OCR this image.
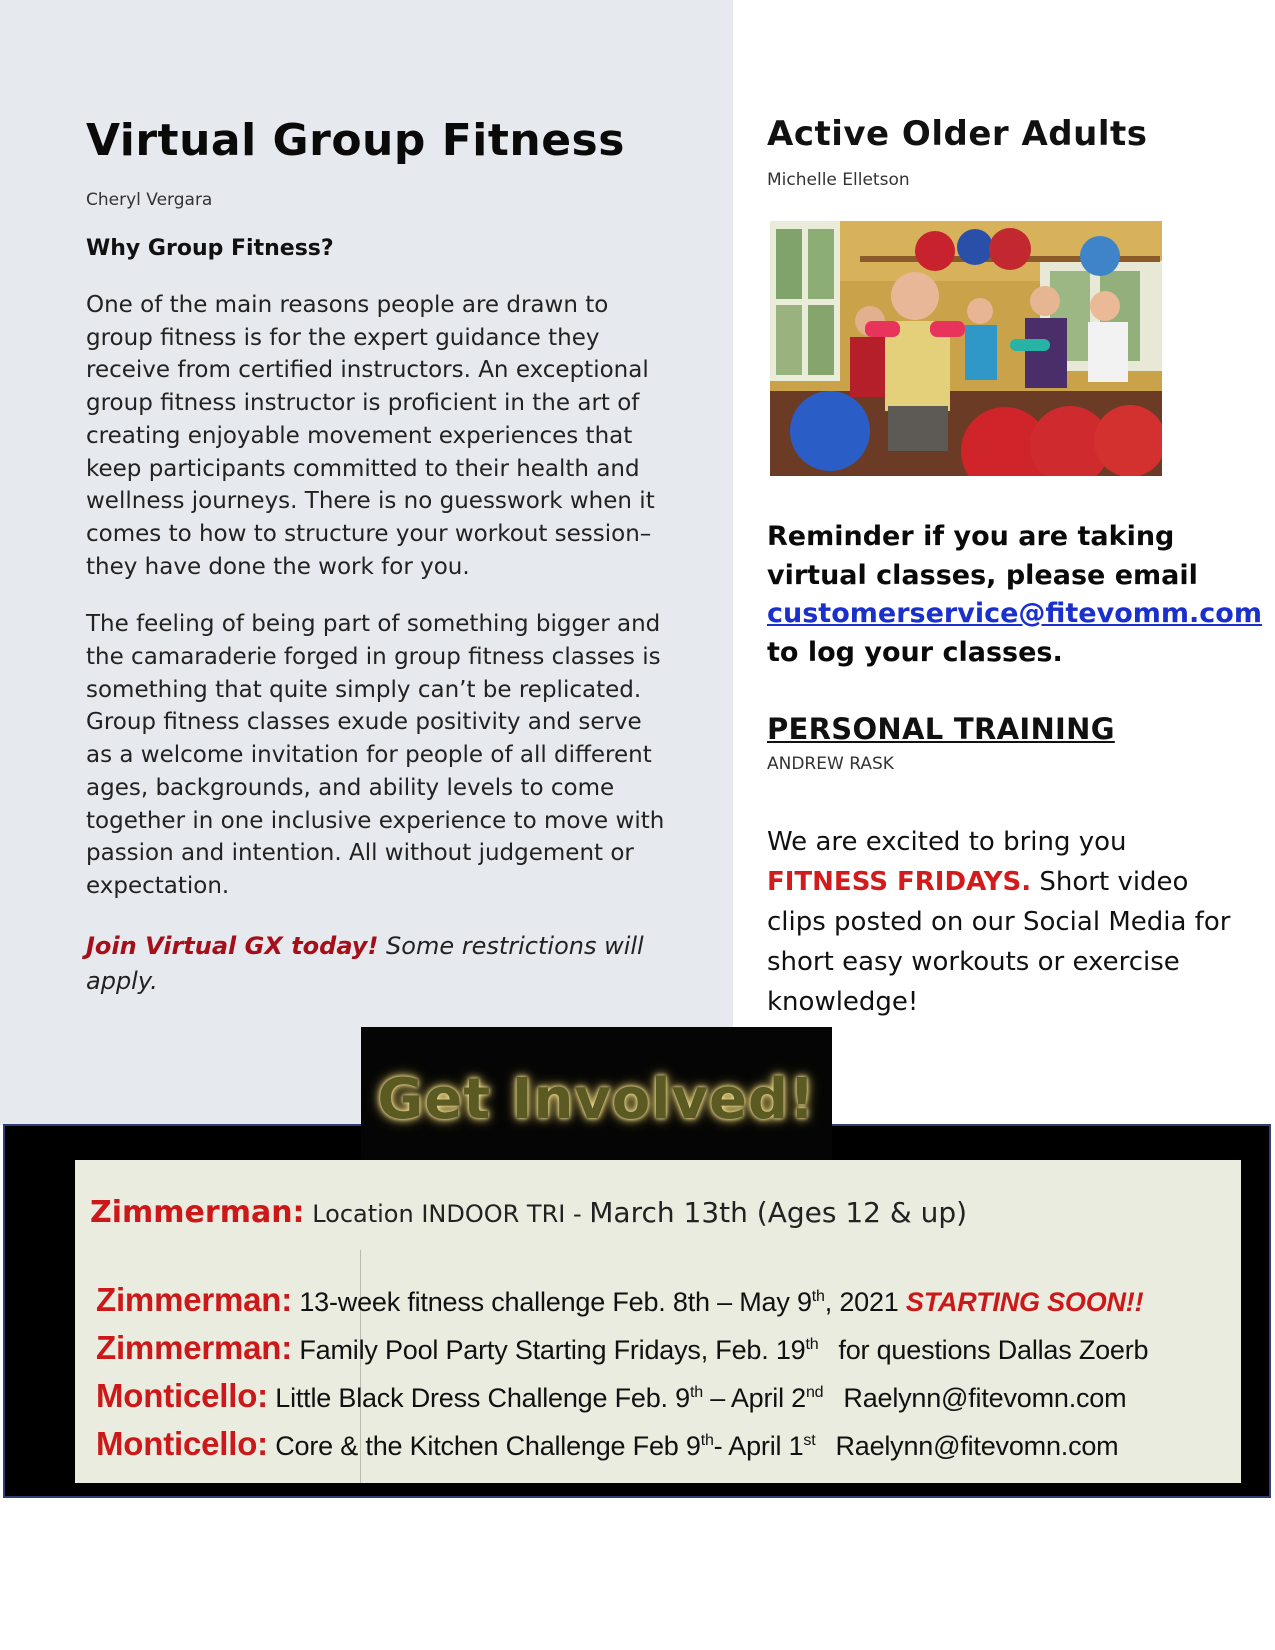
Virtual Group Fitness
Cheryl Vergara
Why Group Fitness?

One of the main reasons people are drawn to group fitness is for the expert guidance they receive from certified instructors. An exceptional group fitness instructor is proficient in the art of creating enjoyable movement experiences that keep participants committed to their health and wellness journeys. There is no guesswork when it comes to how to structure your workout session–they have done the work for you.

The feeling of being part of something bigger and the camaraderie forged in group fitness classes is something that quite simply can’t be replicated. Group fitness classes exude positivity and serve as a welcome invitation for people of all different ages, backgrounds, and ability levels to come together in one inclusive experience to move with passion and intention. All without judgement or expectation.

Join Virtual GX today! Some restrictions will apply.
Active Older Adults
Michelle Elletson
Reminder if you are taking virtual classes, please email customerservice@fitevomm.com to log your classes.
PERSONAL TRAINING
ANDREW RASK
We are excited to bring you FITNESS FRIDAYS. Short video clips posted on our Social Media for short easy workouts or exercise knowledge!
Get Involved!
Zimmerman: Location INDOOR TRI - March 13th (Ages 12 & up)
Zimmerman: 13-week fitness challenge Feb. 8th – May 9th, 2021 STARTING SOON!!
Zimmerman: Family Pool Party Starting Fridays, Feb. 19th for questions Dallas Zoerb
Monticello: Little Black Dress Challenge Feb. 9th – April 2nd Raelynn@fitevomn.com
Monticello: Core & the Kitchen Challenge Feb 9th- April 1st Raelynn@fitevomn.com
